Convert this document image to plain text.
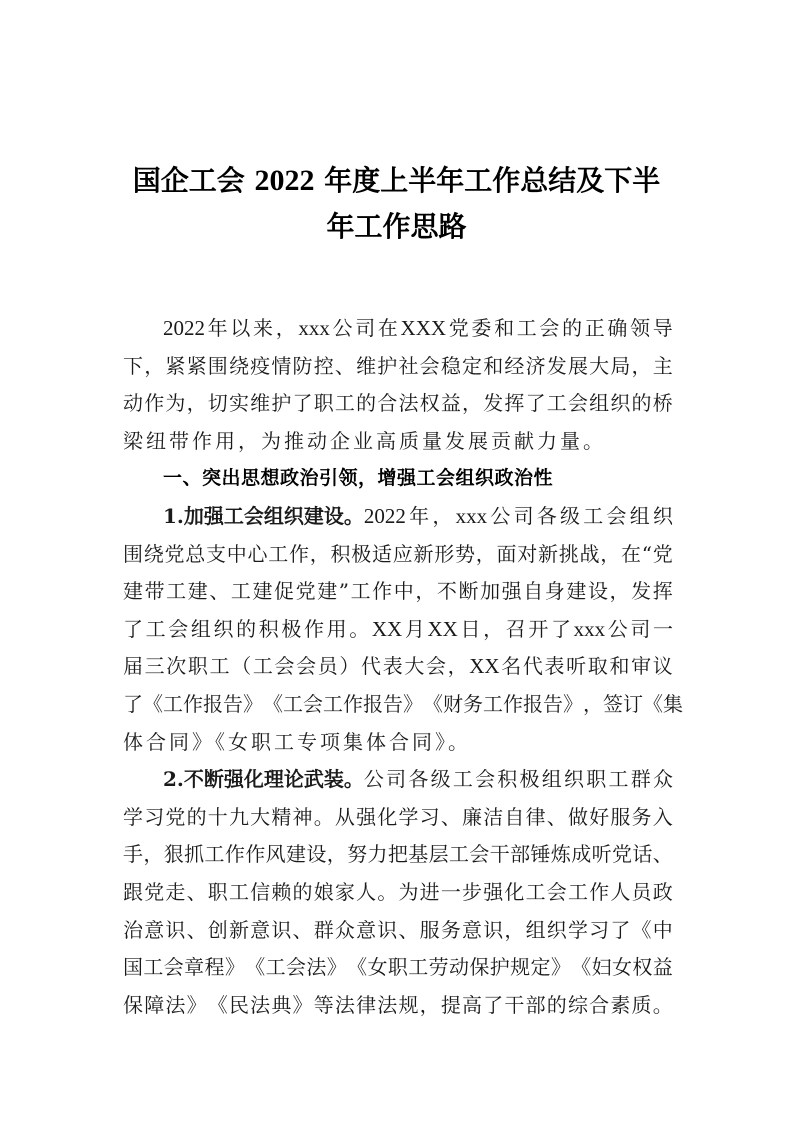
国企工会 2022 年度上半年工作总结及下半
年工作思路
2022 年 以 来 ， xxx 公 司 在 XXX 党 委 和 工 会 的 正 确 领 导
下 ， 紧 紧 围 绕 疫 情 防 控 、 维 护 社 会 稳 定 和 经 济 发 展 大 局 ， 主
动 作 为 ， 切 实 维 护 了 职 工 的 合 法 权 益 ， 发 挥 了 工 会 组 织 的 桥
梁纽带作用，为推动企业高质量发展贡献力量。
一、突出思想政治引领，增强工会组织政治性
1.加强工会组织建设。 2022 年 ， xxx 公 司 各 级 工 会 组 织
围 绕 党 总 支 中 心 工 作 ， 积 极 适 应 新 形 势 ， 面 对 新 挑 战 ， 在 “ 党
建 带 工 建 、 工 建 促 党 建 ” 工 作 中 ， 不 断 加 强 自 身 建 设 ， 发 挥
了 工 会 组 织 的 积 极 作 用 。 XX 月 XX 日 ， 召 开 了 xxx 公 司 一
届 三 次 职 工 （ 工 会 会 员 ） 代 表 大 会 ， XX 名 代 表 听 取 和 审 议
了 《 工 作 报 告 》 《 工 会 工 作 报 告 》 《 财 务 工 作 报 告 》 ， 签 订 《 集
体合同》《女职工专项集体合同》。
2.不断强化理论武装。 公 司 各 级 工 会 积 极 组 织 职 工 群 众
学 习 党 的 十 九 大 精 神 。 从 强 化 学 习 、 廉 洁 自 律 、 做 好 服 务 入
手 ， 狠 抓 工 作 作 风 建 设 ， 努 力 把 基 层 工 会 干 部 锤 炼 成 听 党 话 、
跟 党 走 、 职 工 信 赖 的 娘 家 人 。 为 进 一 步 强 化 工 会 工 作 人 员 政
治 意 识 、 创 新 意 识 、 群 众 意 识 、 服 务 意 识 ， 组 织 学 习 了 《 中
国 工 会 章 程 》 《 工 会 法 》 《 女 职 工 劳 动 保 护 规 定 》 《 妇 女 权 益
保 障 法 》 《 民 法 典 》 等 法 律 法 规 ， 提 高 了 干 部 的 综 合 素 质 。
